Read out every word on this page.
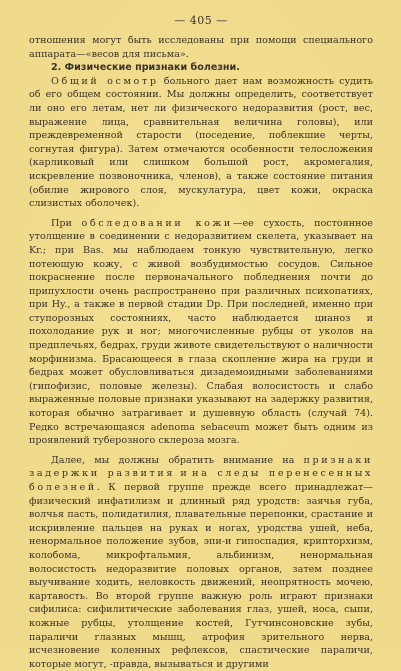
— 405 —

отношения могут быть исследованы при помощи специального аппарата—«весов для письма».

2. Физические признаки болезни.

Общий осмотр больного дает нам возможность судить об его общем состоянии. Мы должны определить, соответствует ли оно его летам, нет ли физического недоразвития (рост, вес, выражение лица, сравнительная величина головы), или преждевременной старости (поседение, поблекшие черты, согнутая фигура). Затем отмечаются особенности телосложения (карликовый или слишком большой рост, акромегалия, искревление позвоночника, членов), а также состояние питания (обилие жирового слоя, мускулатура, цвет кожи, окраска слизистых оболочек).

При обследовании кожи—ее сухость, постоянное утолщение в соединении с недоразвитием скелета, указывает на Kr.; при Bas. мы наблюдаем тонкую чувствительную, легко потеющую кожу, с живой возбудимостью сосудов. Сильное покраснение после первоначального побледнения почти до припухлости очень распространено при различных психопатиях, при Hy., а также в первой стадии Dp. При последней, именно при ступорозных состояниях, часто наблюдается цианоз и похолодание рук и ног; многочисленные рубцы от уколов на предплечьях, бедрах, груди животе свидетельствуют о наличности морфинизма. Брасающееся в глаза скопление жира на груди и бедрах может обусловливаться дизадемоидными заболеваниями (гипофизис, половые железы). Слабая волосистость и слабо выраженные половые признаки указывают на задержку развития, которая обычно затрагивает и душевную область (случай 74). Редко встречающаяся adenoma sebaceum может быть одним из проявлений туберозного склероза мозга.

Далее, мы должны обратить внимание на признаки задержки развития и на следы перенесенных болезней. К первой группе прежде всего принадлежат—физический инфатилизм и длинный ряд уродств: заячья губа, волчья пасть, полидатилия, плавательные перепонки, срастание и искривление пальцев на руках и ногах, уродства ушей, неба, ненормальное положение зубов, эпи-и гипоспадия, крипторхизм, колобома, микрофтальмия, альбинизм, ненормальная волосистость недоразвитие половых органов, затем позднее выучивание ходить, неловкость движений, неопрятность мочею, картавость. Во второй группе важную роль играют признаки сифилиса: сифилитические заболевания глаз, ушей, носа, сыпи, кожные рубцы, утолщение костей, Гутчинсоновские зубы, параличи глазных мышц, атрофия зрительного нерва, исчезновение коленных рефлексов, спастические параличи, которые могут, -правда, вызываться и другими
